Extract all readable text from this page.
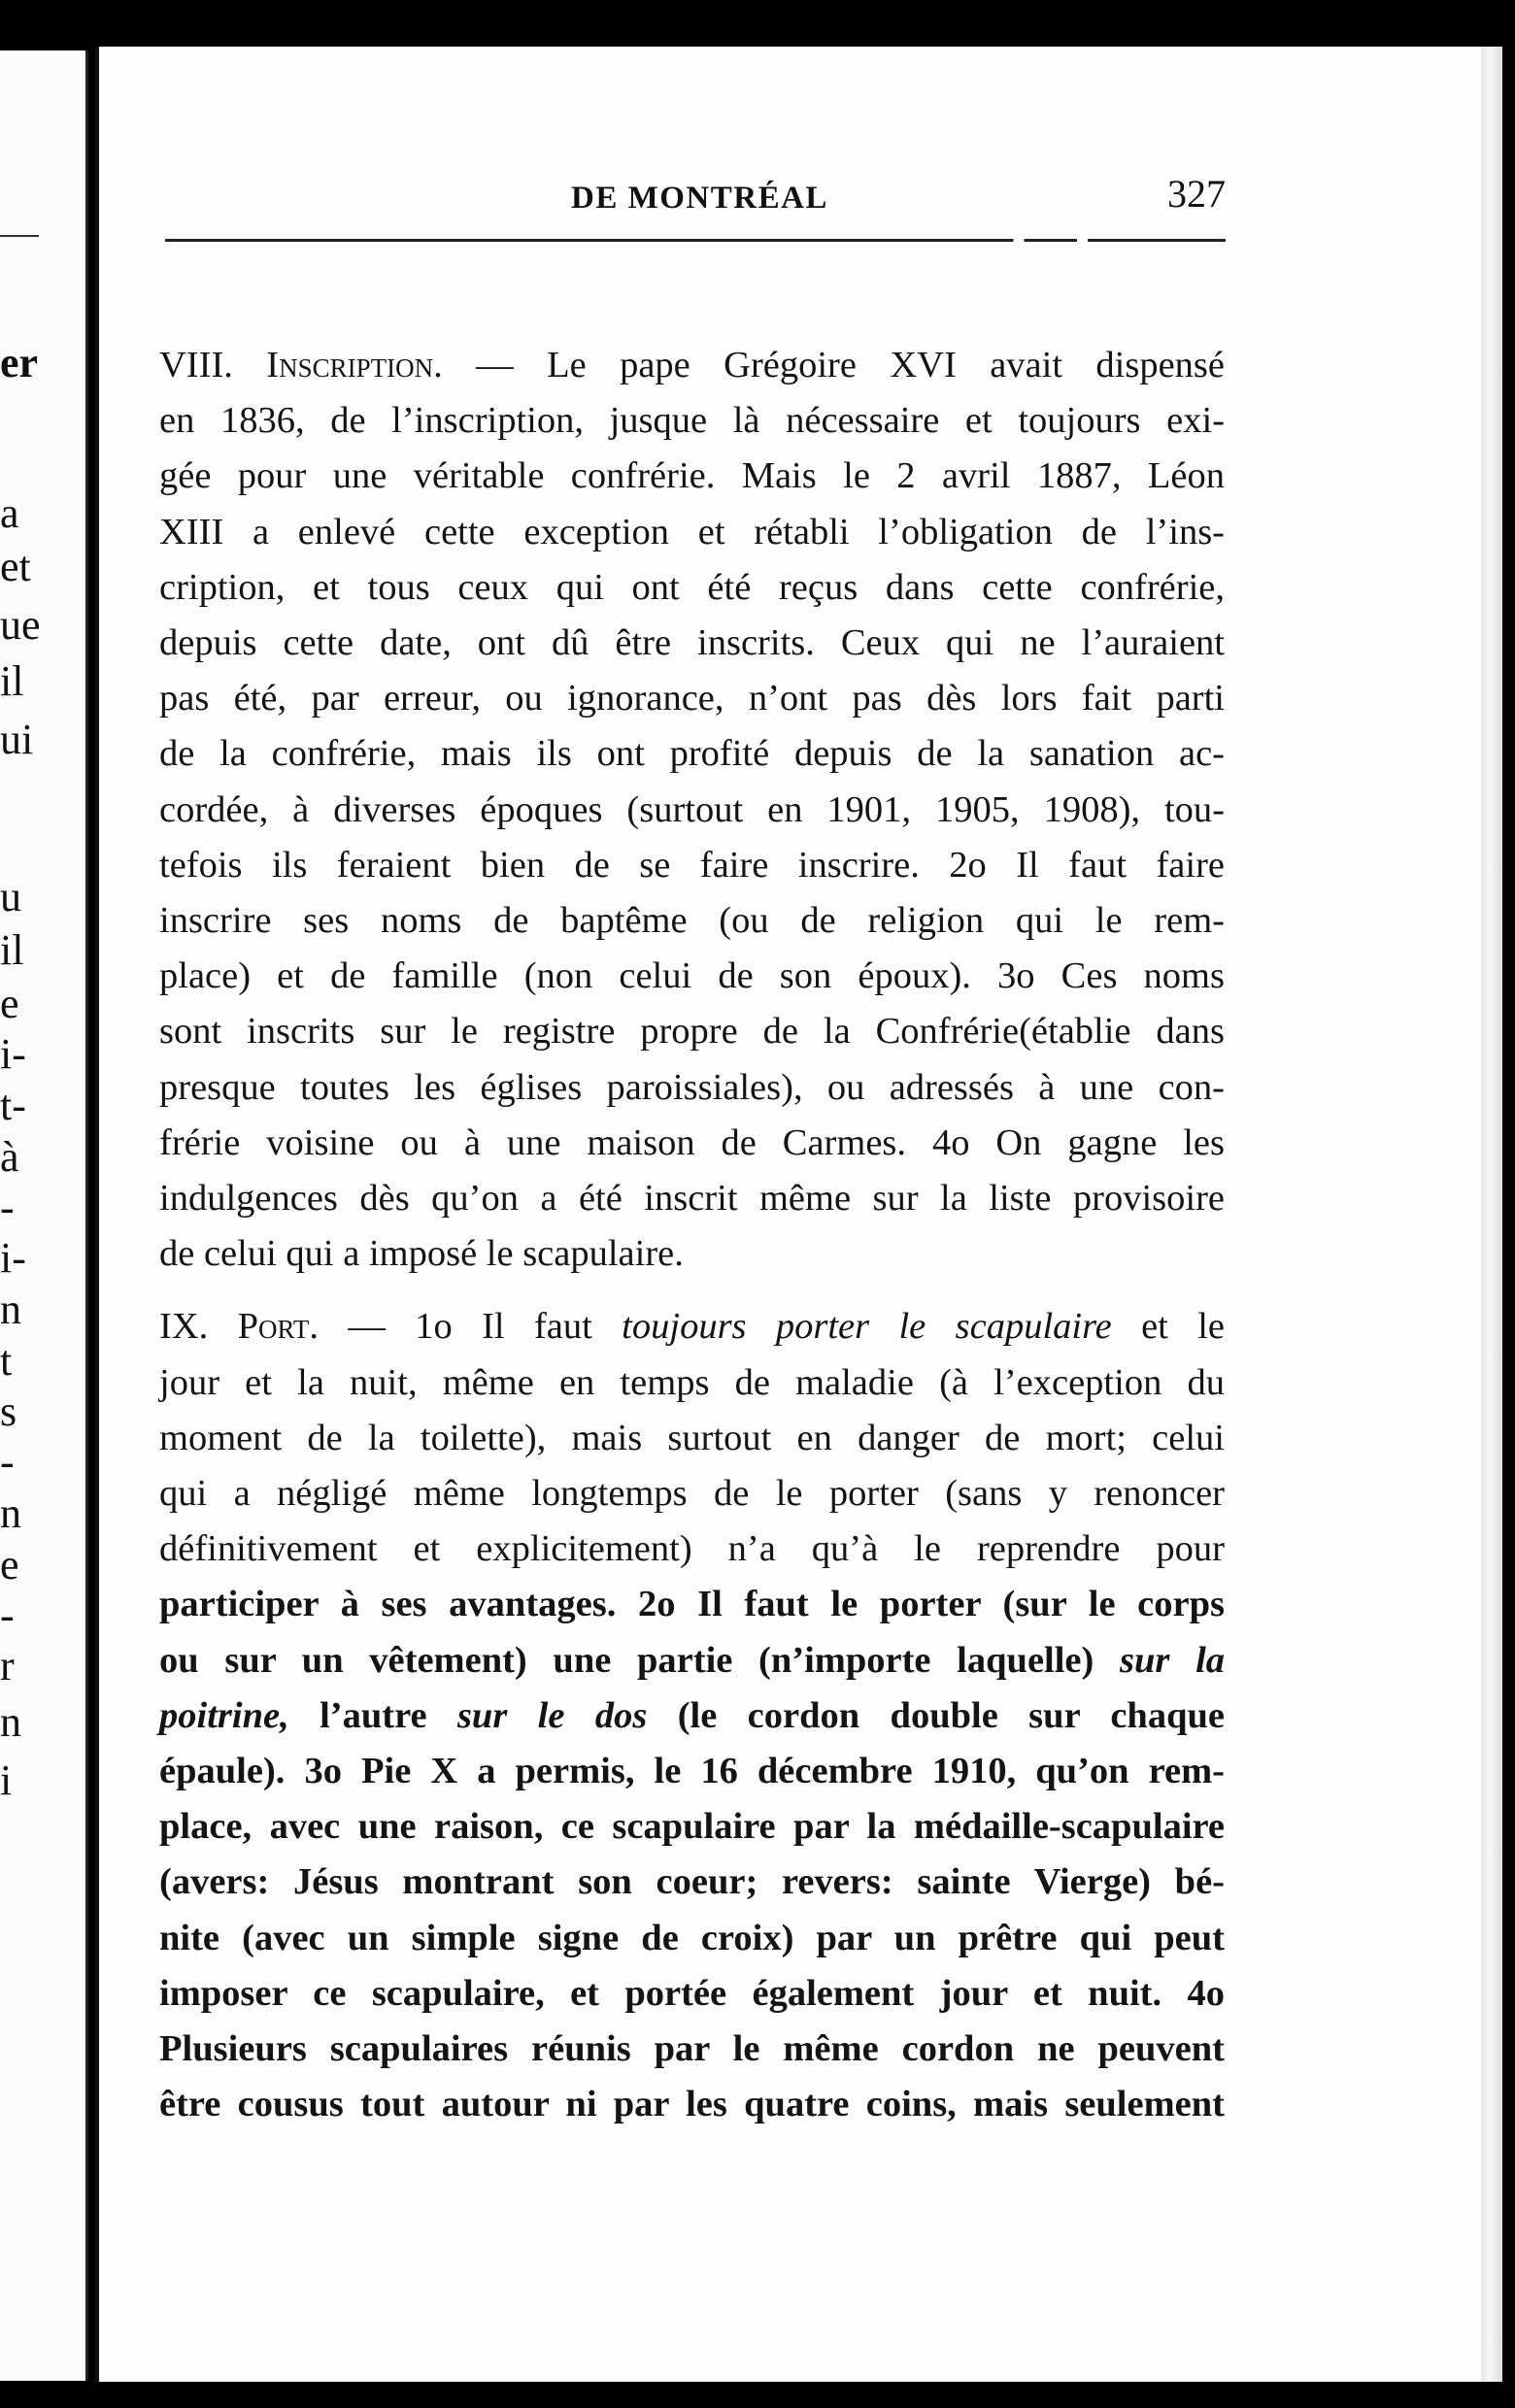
er
a
et
ue
il
ui
u
il
e
i-
t-
à
-
i-
n
t
s
-
n
e
-
r
n
i
DE MONTRÉAL	327
VIII. Inscription. — Le pape Grégoire XVI avait dispensé
en 1836, de l’inscription, jusque là nécessaire et toujours exi-
gée pour une véritable confrérie. Mais le 2 avril 1887, Léon
XIII a enlevé cette exception et rétabli l’obligation de l’ins-
cription, et tous ceux qui ont été reçus dans cette confrérie,
depuis cette date, ont dû être inscrits. Ceux qui ne l’auraient
pas été, par erreur, ou ignorance, n’ont pas dès lors fait parti
de la confrérie, mais ils ont profité depuis de la sanation ac-
cordée, à diverses époques (surtout en 1901, 1905, 1908), tou-
tefois ils feraient bien de se faire inscrire. 2o Il faut faire
inscrire ses noms de baptême (ou de religion qui le rem-
place) et de famille (non celui de son époux). 3o Ces noms
sont inscrits sur le registre propre de la Confrérie(établie dans
presque toutes les églises paroissiales), ou adressés à une con-
frérie voisine ou à une maison de Carmes. 4o On gagne les
indulgences dès qu’on a été inscrit même sur la liste provisoire
de celui qui a imposé le scapulaire.
IX. Port. — 1o Il faut toujours porter le scapulaire et le
jour et la nuit, même en temps de maladie (à l’exception du
moment de la toilette), mais surtout en danger de mort; celui
qui a négligé même longtemps de le porter (sans y renoncer
définitivement et explicitement) n’a qu’à le reprendre pour
participer à ses avantages. 2o Il faut le porter (sur le corps
ou sur un vêtement) une partie (n’importe laquelle) sur la
poitrine, l’autre sur le dos (le cordon double sur chaque
épaule). 3o Pie X a permis, le 16 décembre 1910, qu’on rem-
place, avec une raison, ce scapulaire par la médaille-scapulaire
(avers: Jésus montrant son coeur; revers: sainte Vierge) bé-
nite (avec un simple signe de croix) par un prêtre qui peut
imposer ce scapulaire, et portée également jour et nuit. 4o
Plusieurs scapulaires réunis par le même cordon ne peuvent
être cousus tout autour ni par les quatre coins, mais seulement
